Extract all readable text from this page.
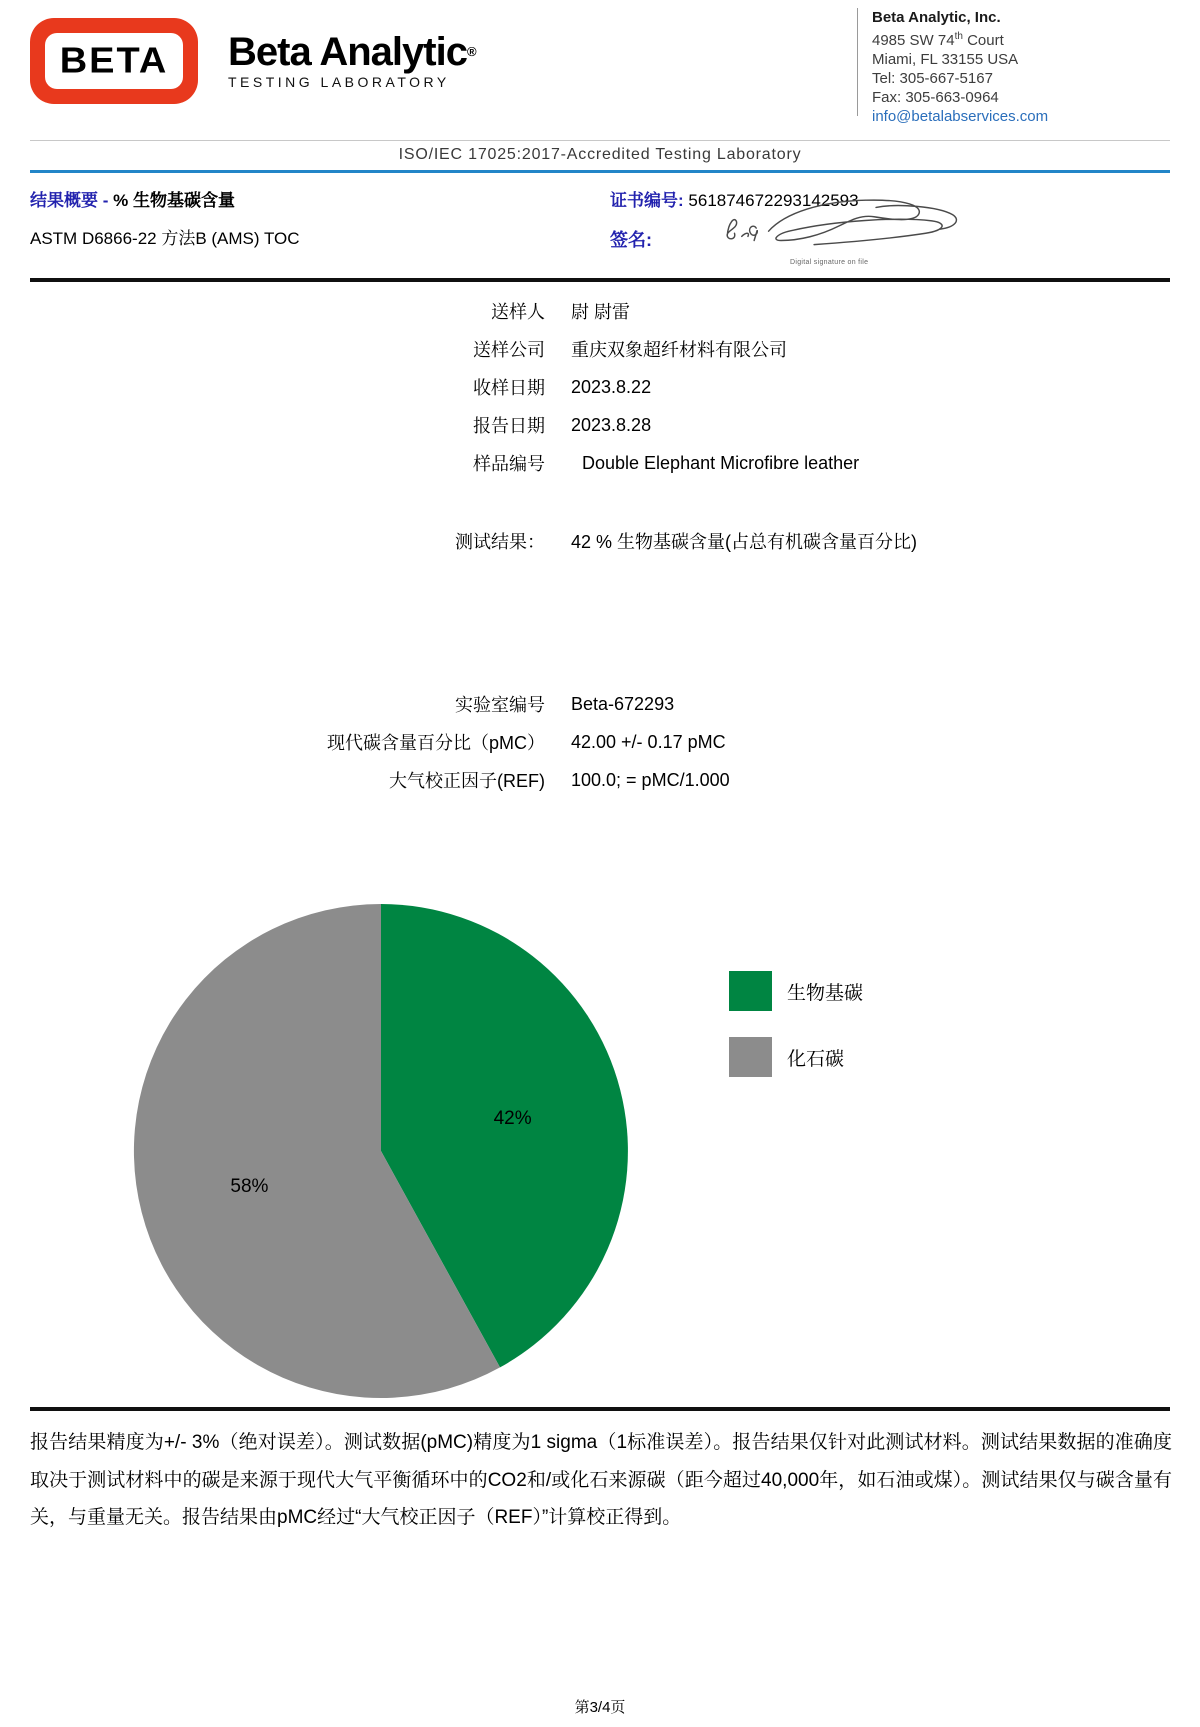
BETA Beta Analytic®
TESTING LABORATORY
Beta Analytic, Inc.
4985 SW 74th Court
Miami, FL 33155 USA
Tel: 305-667-5167
Fax: 305-663-0964
info@betalabservices.com
ISO/IEC 17025:2017-Accredited Testing Laboratory
结果概要 - % 生物基碳含量
ASTM D6866-22 方法B (AMS) TOC
证书编号: 561874672293142593
签名:
Digital signature on file
送样人 尉 尉雷
送样公司 重庆双象超纤材料有限公司
收样日期 2023.8.22
报告日期 2023.8.28
样品编号	Double Elephant Microfibre leather
测试结果： 42 % 生物基碳含量(占总有机碳含量百分比)
实验室编号 Beta-672293
现代碳含量百分比（pMC） 42.00 +/- 0.17 pMC
大气校正因子(REF) 100.0; = pMC/1.000
42%
58%
生物基碳
化石碳
报告结果精度为+/- 3%（绝对误差）。测试数据(pMC)精度为1 sigma（1标准误差）。报告结果仅针对此测试材料。测试结果数据的准确度取决于测试材料中的碳是来源于现代大气平衡循环中的CO2和/或化石来源碳（距今超过40,000年，如石油或煤）。测试结果仅与碳含量有关，与重量无关。报告结果由pMC经过“大气校正因子（REF）”计算校正得到。
第3/4页
